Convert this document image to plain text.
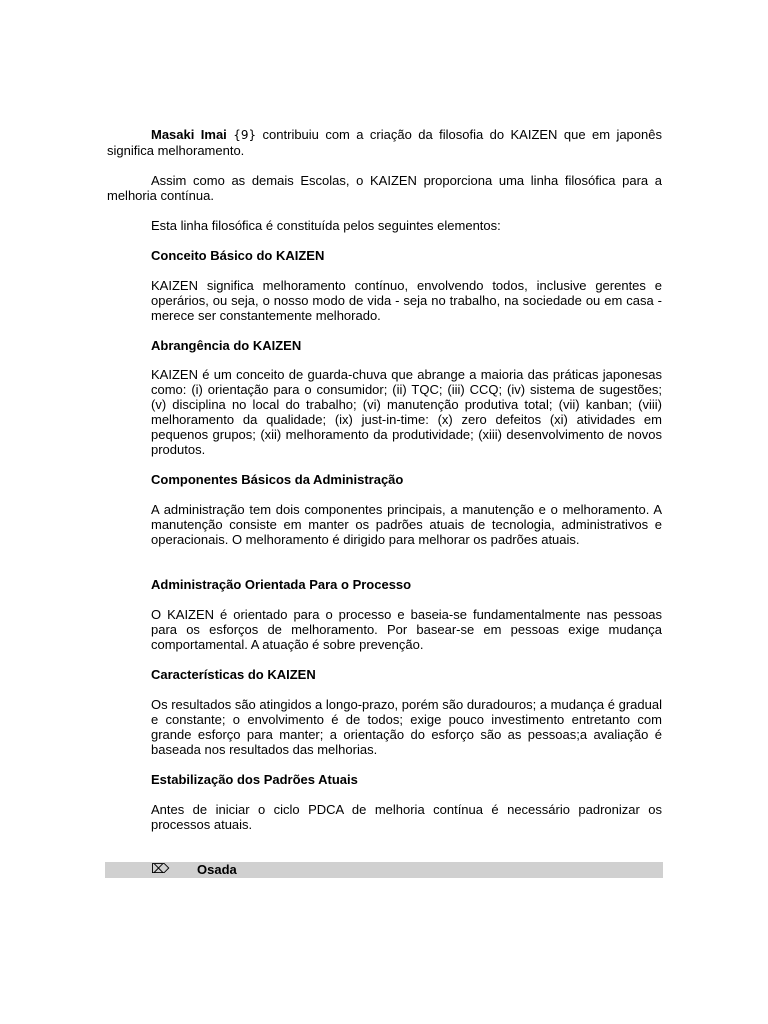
Masaki Imai {9} contribuiu com a criação da filosofia do KAIZEN que em japonês significa melhoramento.

Assim como as demais Escolas, o KAIZEN proporciona uma linha filosófica para a melhoria contínua.

Esta linha filosófica é constituída pelos seguintes elementos:

Conceito Básico do KAIZEN

KAIZEN significa melhoramento contínuo, envolvendo todos, inclusive gerentes e operários, ou seja, o nosso modo de vida - seja no trabalho, na sociedade ou em casa - merece ser constantemente melhorado.

Abrangência do KAIZEN

KAIZEN é um conceito de guarda-chuva que abrange a maioria das práticas japonesas como: (i) orientação para o consumidor; (ii) TQC; (iii) CCQ; (iv) sistema de sugestões; (v) disciplina no local do trabalho; (vi) manutenção produtiva total; (vii) kanban; (viii) melhoramento da qualidade; (ix) just-in-time: (x) zero defeitos (xi) atividades em pequenos grupos; (xii) melhoramento da produtividade; (xiii) desenvolvimento de novos produtos.

Componentes Básicos da Administração

A administração tem dois componentes principais, a manutenção e o melhoramento. A manutenção consiste em manter os padrões atuais de tecnologia, administrativos e operacionais. O melhoramento é dirigido para melhorar os padrões atuais.

Administração Orientada Para o Processo

O KAIZEN é orientado para o processo e baseia-se fundamentalmente nas pessoas para os esforços de melhoramento. Por basear-se em pessoas exige mudança comportamental. A atuação é sobre prevenção.

Características do KAIZEN

Os resultados são atingidos a longo-prazo, porém são duradouros; a mudança é gradual e constante; o envolvimento é de todos; exige pouco investimento entretanto com grande esforço para manter; a orientação do esforço são as pessoas;a avaliação é baseada nos resultados das melhorias.

Estabilização dos Padrões Atuais

Antes de iniciar o ciclo PDCA de melhoria contínua é necessário padronizar os processos atuais.

⌦ Osada
